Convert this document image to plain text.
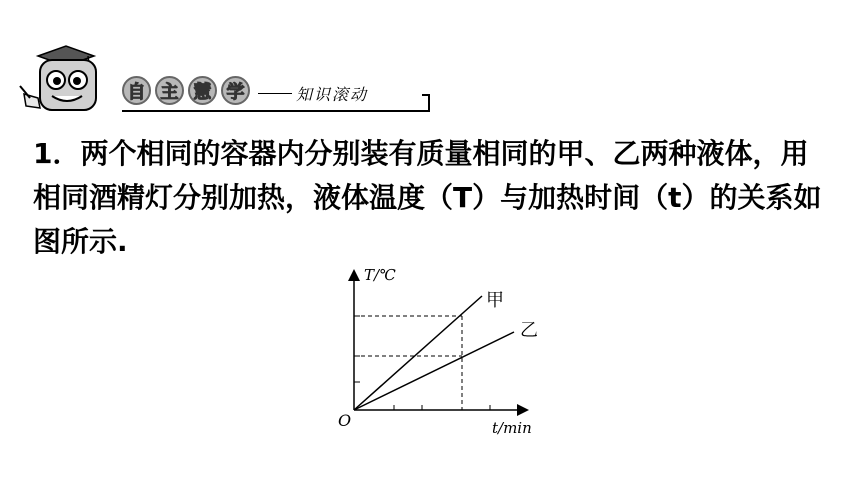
自 主 慧 学	知识滚动

1．两个相同的容器内分别装有质量相同的甲、乙两种液体，用相同酒精灯分别加热，液体温度（T）与加热时间（t）的关系如图所示.

T/℃
t/min
O
甲
乙
